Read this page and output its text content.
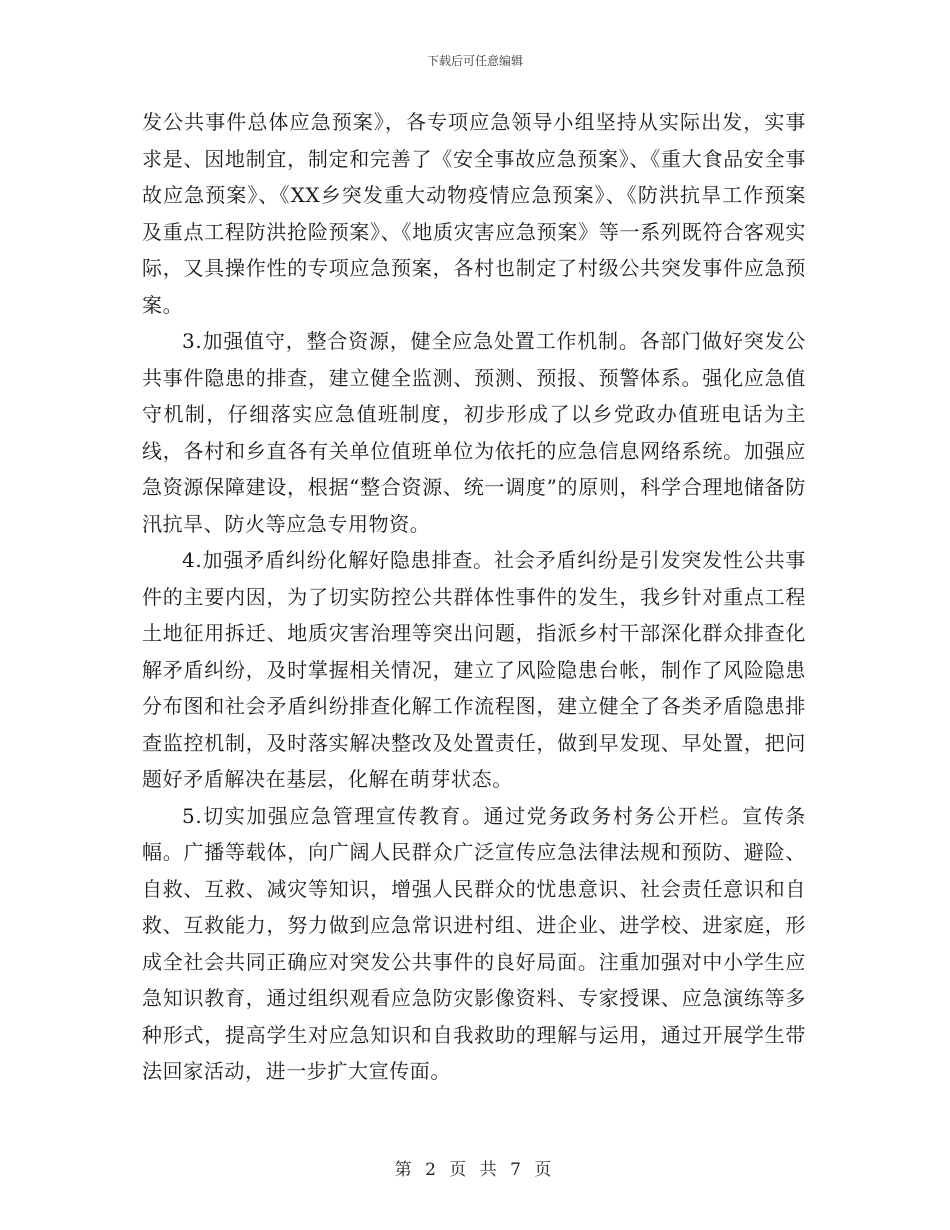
下载后可任意编辑

发公共事件总体应急预案》，各专项应急领导小组坚持从实际出发，实事求是、因地制宜，制定和完善了《安全事故应急预案》、《重大食品安全事故应急预案》、《XX乡突发重大动物疫情应急预案》、《防洪抗旱工作预案及重点工程防洪抢险预案》、《地质灾害应急预案》等一系列既符合客观实际，又具操作性的专项应急预案，各村也制定了村级公共突发事件应急预案。

3.加强值守，整合资源，健全应急处置工作机制。各部门做好突发公共事件隐患的排查，建立健全监测、预测、预报、预警体系。强化应急值守机制，仔细落实应急值班制度，初步形成了以乡党政办值班电话为主线，各村和乡直各有关单位值班单位为依托的应急信息网络系统。加强应急资源保障建设，根据“整合资源、统一调度”的原则，科学合理地储备防汛抗旱、防火等应急专用物资。

4.加强矛盾纠纷化解好隐患排查。社会矛盾纠纷是引发突发性公共事件的主要内因，为了切实防控公共群体性事件的发生，我乡针对重点工程土地征用拆迁、地质灾害治理等突出问题，指派乡村干部深化群众排查化解矛盾纠纷，及时掌握相关情况，建立了风险隐患台帐，制作了风险隐患分布图和社会矛盾纠纷排查化解工作流程图，建立健全了各类矛盾隐患排查监控机制，及时落实解决整改及处置责任，做到早发现、早处置，把问题好矛盾解决在基层，化解在萌芽状态。

5.切实加强应急管理宣传教育。通过党务政务村务公开栏。宣传条幅。广播等载体，向广阔人民群众广泛宣传应急法律法规和预防、避险、自救、互救、减灾等知识，增强人民群众的忧患意识、社会责任意识和自救、互救能力，努力做到应急常识进村组、进企业、进学校、进家庭，形成全社会共同正确应对突发公共事件的良好局面。注重加强对中小学生应急知识教育，通过组织观看应急防灾影像资料、专家授课、应急演练等多种形式，提高学生对应急知识和自我救助的理解与运用，通过开展学生带法回家活动，进一步扩大宣传面。

第 2 页 共 7 页
